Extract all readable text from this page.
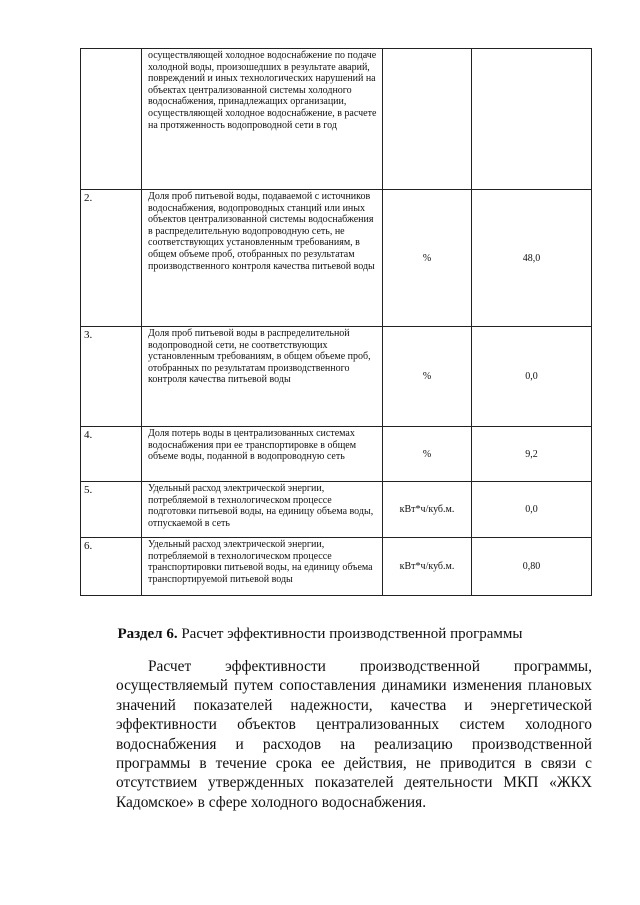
	осуществляющей холодное водоснабжение по подаче холодной воды, произошедших в результате аварий, повреждений и иных технологических нарушений на объектах централизованной системы холодного водоснабжения, принадлежащих организации, осуществляющей холодное водоснабжение, в расчете на протяженность водопроводной сети в год		
2.	Доля проб питьевой воды, подаваемой с источников водоснабжения, водопроводных станций или иных объектов централизованной системы водоснабжения в распределительную водопроводную сеть, не соответствующих установленным требованиям, в общем объеме проб, отобранных по результатам производственного контроля качества питьевой воды	%	48,0
3.	Доля проб питьевой воды в распределительной водопроводной сети, не соответствующих установленным требованиям, в общем объеме проб, отобранных по результатам производственного контроля качества питьевой воды	%	0,0
4.	Доля потерь воды в централизованных системах водоснабжения при ее транспортировке в общем объеме воды, поданной в водопроводную сеть	%	9,2
5.	Удельный расход электрической энергии, потребляемой в технологическом процессе подготовки питьевой воды, на единицу объема воды, отпускаемой в сеть	кВт*ч/куб.м.	0,0
6.	Удельный расход электрической энергии, потребляемой в технологическом процессе транспортировки питьевой воды, на единицу объема транспортируемой питьевой воды	кВт*ч/куб.м.	0,80
Раздел 6. Расчет эффективности производственной программы
Расчет эффективности производственной программы, осуществляемый путем сопоставления динамики изменения плановых значений показателей надежности, качества и энергетической эффективности объектов централизованных систем холодного водоснабжения и расходов на реализацию производственной программы в течение срока ее действия, не приводится в связи с отсутствием утвержденных показателей деятельности МКП «ЖКХ Кадомское» в сфере холодного водоснабжения.
